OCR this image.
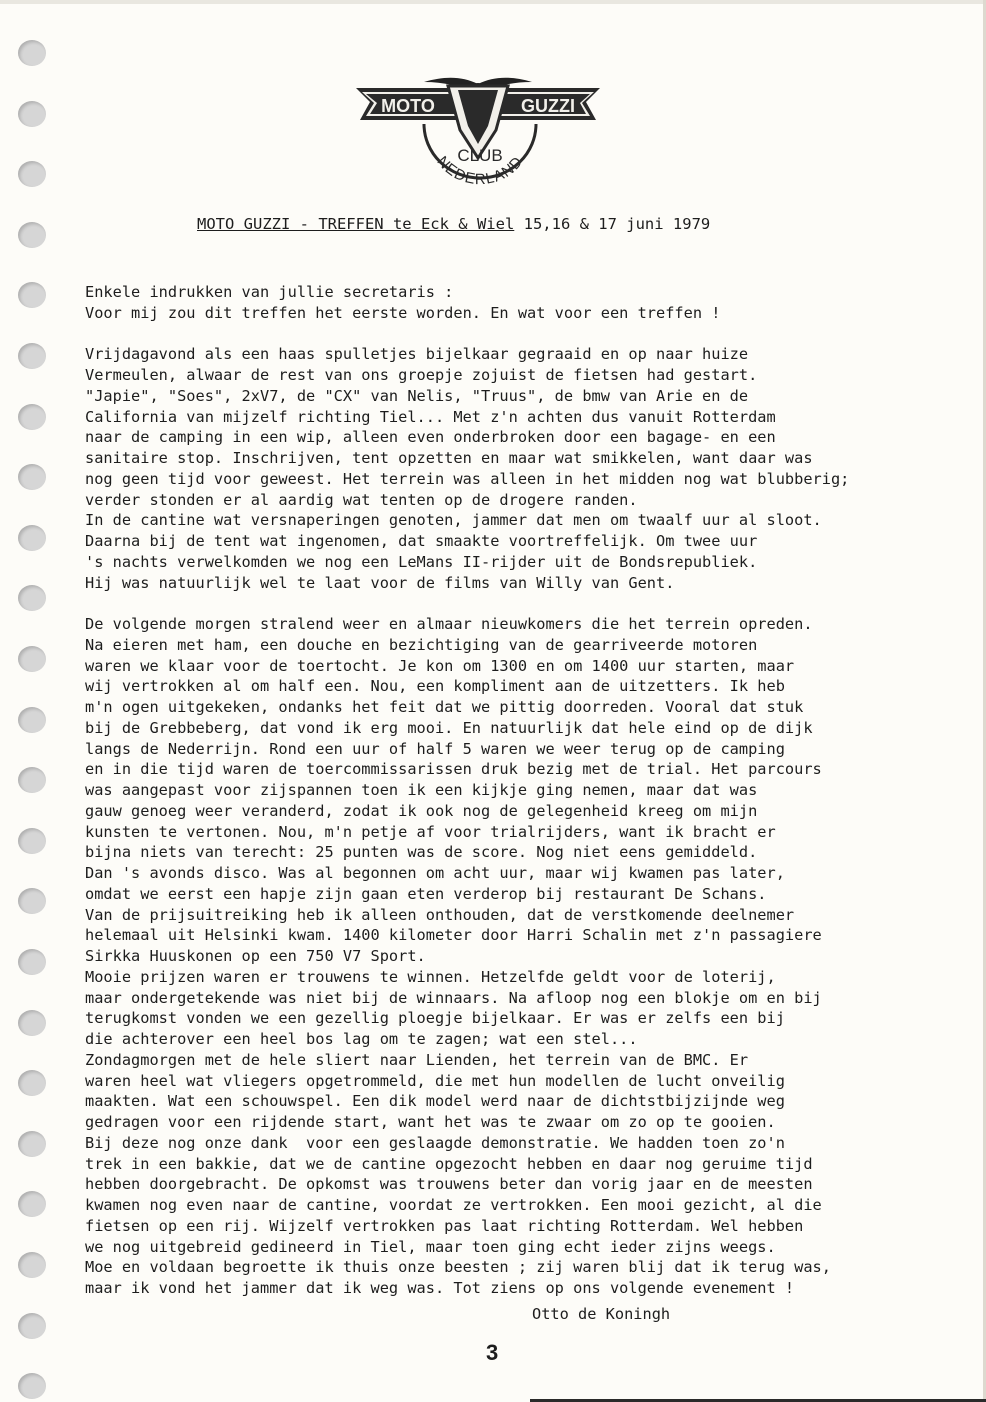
MOTO	GUZZI
CLUB
NEDERLAND
MOTO GUZZI - TREFFEN te Eck & Wiel 15,16 & 17 juni 1979
Enkele indrukken van jullie secretaris :
Voor mij zou dit treffen het eerste worden. En wat voor een treffen !
Vrijdagavond als een haas spulletjes bijelkaar gegraaid en op naar huize
Vermeulen, alwaar de rest van ons groepje zojuist de fietsen had gestart.
"Japie", "Soes", 2xV7, de "CX" van Nelis, "Truus", de bmw van Arie en de
California van mijzelf richting Tiel... Met z'n achten dus vanuit Rotterdam
naar de camping in een wip, alleen even onderbroken door een bagage- en een
sanitaire stop. Inschrijven, tent opzetten en maar wat smikkelen, want daar was
nog geen tijd voor geweest. Het terrein was alleen in het midden nog wat blubberig;
verder stonden er al aardig wat tenten op de drogere randen.
In de cantine wat versnaperingen genoten, jammer dat men om twaalf uur al sloot.
Daarna bij de tent wat ingenomen, dat smaakte voortreffelijk. Om twee uur
's nachts verwelkomden we nog een LeMans II-rijder uit de Bondsrepubliek.
Hij was natuurlijk wel te laat voor de films van Willy van Gent.
De volgende morgen stralend weer en almaar nieuwkomers die het terrein opreden.
Na eieren met ham, een douche en bezichtiging van de gearriveerde motoren
waren we klaar voor de toertocht. Je kon om 1300 en om 1400 uur starten, maar
wij vertrokken al om half een. Nou, een kompliment aan de uitzetters. Ik heb
m'n ogen uitgekeken, ondanks het feit dat we pittig doorreden. Vooral dat stuk
bij de Grebbeberg, dat vond ik erg mooi. En natuurlijk dat hele eind op de dijk
langs de Nederrijn. Rond een uur of half 5 waren we weer terug op de camping
en in die tijd waren de toercommissarissen druk bezig met de trial. Het parcours
was aangepast voor zijspannen toen ik een kijkje ging nemen, maar dat was
gauw genoeg weer veranderd, zodat ik ook nog de gelegenheid kreeg om mijn
kunsten te vertonen. Nou, m'n petje af voor trialrijders, want ik bracht er
bijna niets van terecht: 25 punten was de score. Nog niet eens gemiddeld.
Dan 's avonds disco. Was al begonnen om acht uur, maar wij kwamen pas later,
omdat we eerst een hapje zijn gaan eten verderop bij restaurant De Schans.
Van de prijsuitreiking heb ik alleen onthouden, dat de verstkomende deelnemer
helemaal uit Helsinki kwam. 1400 kilometer door Harri Schalin met z'n passagiere
Sirkka Huuskonen op een 750 V7 Sport.
Mooie prijzen waren er trouwens te winnen. Hetzelfde geldt voor de loterij,
maar ondergetekende was niet bij de winnaars. Na afloop nog een blokje om en bij
terugkomst vonden we een gezellig ploegje bijelkaar. Er was er zelfs een bij
die achterover een heel bos lag om te zagen; wat een stel...
Zondagmorgen met de hele sliert naar Lienden, het terrein van de BMC. Er
waren heel wat vliegers opgetrommeld, die met hun modellen de lucht onveilig
maakten. Wat een schouwspel. Een dik model werd naar de dichtstbijzijnde weg
gedragen voor een rijdende start, want het was te zwaar om zo op te gooien.
Bij deze nog onze dank  voor een geslaagde demonstratie. We hadden toen zo'n
trek in een bakkie, dat we de cantine opgezocht hebben en daar nog geruime tijd
hebben doorgebracht. De opkomst was trouwens beter dan vorig jaar en de meesten
kwamen nog even naar de cantine, voordat ze vertrokken. Een mooi gezicht, al die
fietsen op een rij. Wijzelf vertrokken pas laat richting Rotterdam. Wel hebben
we nog uitgebreid gedineerd in Tiel, maar toen ging echt ieder zijns weegs.
Moe en voldaan begroette ik thuis onze beesten ; zij waren blij dat ik terug was,
maar ik vond het jammer dat ik weg was. Tot ziens op ons volgende evenement !
Otto de Koningh
3
